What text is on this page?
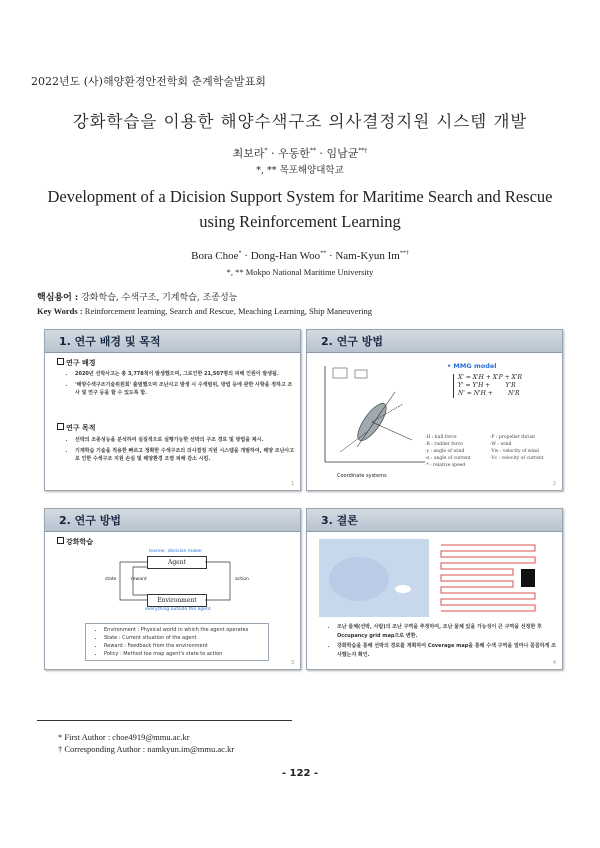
2022년도 (사)해양환경안전학회 춘계학술발표회
강화학습을 이용한 해양수색구조 의사결정지원 시스템 개발
최보라* · 우동한** · 임남균**†
*, ** 목포해양대학교
Development of a Dicision Support System for Maritime Search and Rescue using Reinforcement Learning
Bora Choe* · Dong-Han Woo** · Nam-Kyun Im**†
*, ** Mokpo National Maritime University
핵심용어 : 강화학습, 수색구조, 기계학습, 조종성능
Key Words : Reinforcement learning, Search and Rescue, Meaching Learning, Ship Maneuvering
1. 연구 배경 및 목적
연구 배경
• 2020년 선박사고는 총 3,778척이 발생했으며, 그로인한 21,507명의 피해 인원이 발생됨.
• '해양수색구조기술위원회' 출범했으며 조난사고 발생 시 수색범위, 방법 등에 관한 사항을 정하고 조사 및 연구 등을 할 수 있도록 함.
연구 목적
• 선박의 조종성능을 분석하여 실질적으로 실행가능한 선박의 구조 경로 및 방법을 제시.
• 기계학습 기술을 적용한 빠르고 정확한 수색구조의 의사결정 지원 시스템을 개발하여, 해양 조난사고로 인한 수색구조 지원 손실 및 해양환경 오염 피해 감소 시킴.
1
2. 연구 방법
Coordinate systems
• MMG model
X' = X'H + X'P + X'R
Y' = Y'H +        Y'R
N' = N'H +        N'R
·H : hull force
·R : rudder force
·γ : angle of wind
·α : angle of current
·* : relative speed
·P : propeller thrust
·W : wind
·Vw : velocity of wind
·Vc : velocity of current
2
2. 연구 방법
강화학습
learner, decision maker
Agent
Environment
everything outside the agent
state	reward	action
• Environment : Physical world in which the agent operates
• State : Current situation of the agent
• Reward : Feedback from the environment
• Policy : Method toe map agent's state to action
3
3. 결론
• 조난 물체(선박, 사람)의 조난 구역을 추정하여, 조난 물체 있을 가능성이 큰 구역을 선정한 후 Occupancy grid map으로 변환.
• 강화학습을 통해 선박의 경로를 계획하여 Coverage map을 통해 수색 구역을 얼마나 꼼꼼하게 조사했는지 확인.
4
* First Author : choe4919@mmu.ac.kr
† Corresponding Author : namkyun.im@mmu.ac.kr
- 122 -
